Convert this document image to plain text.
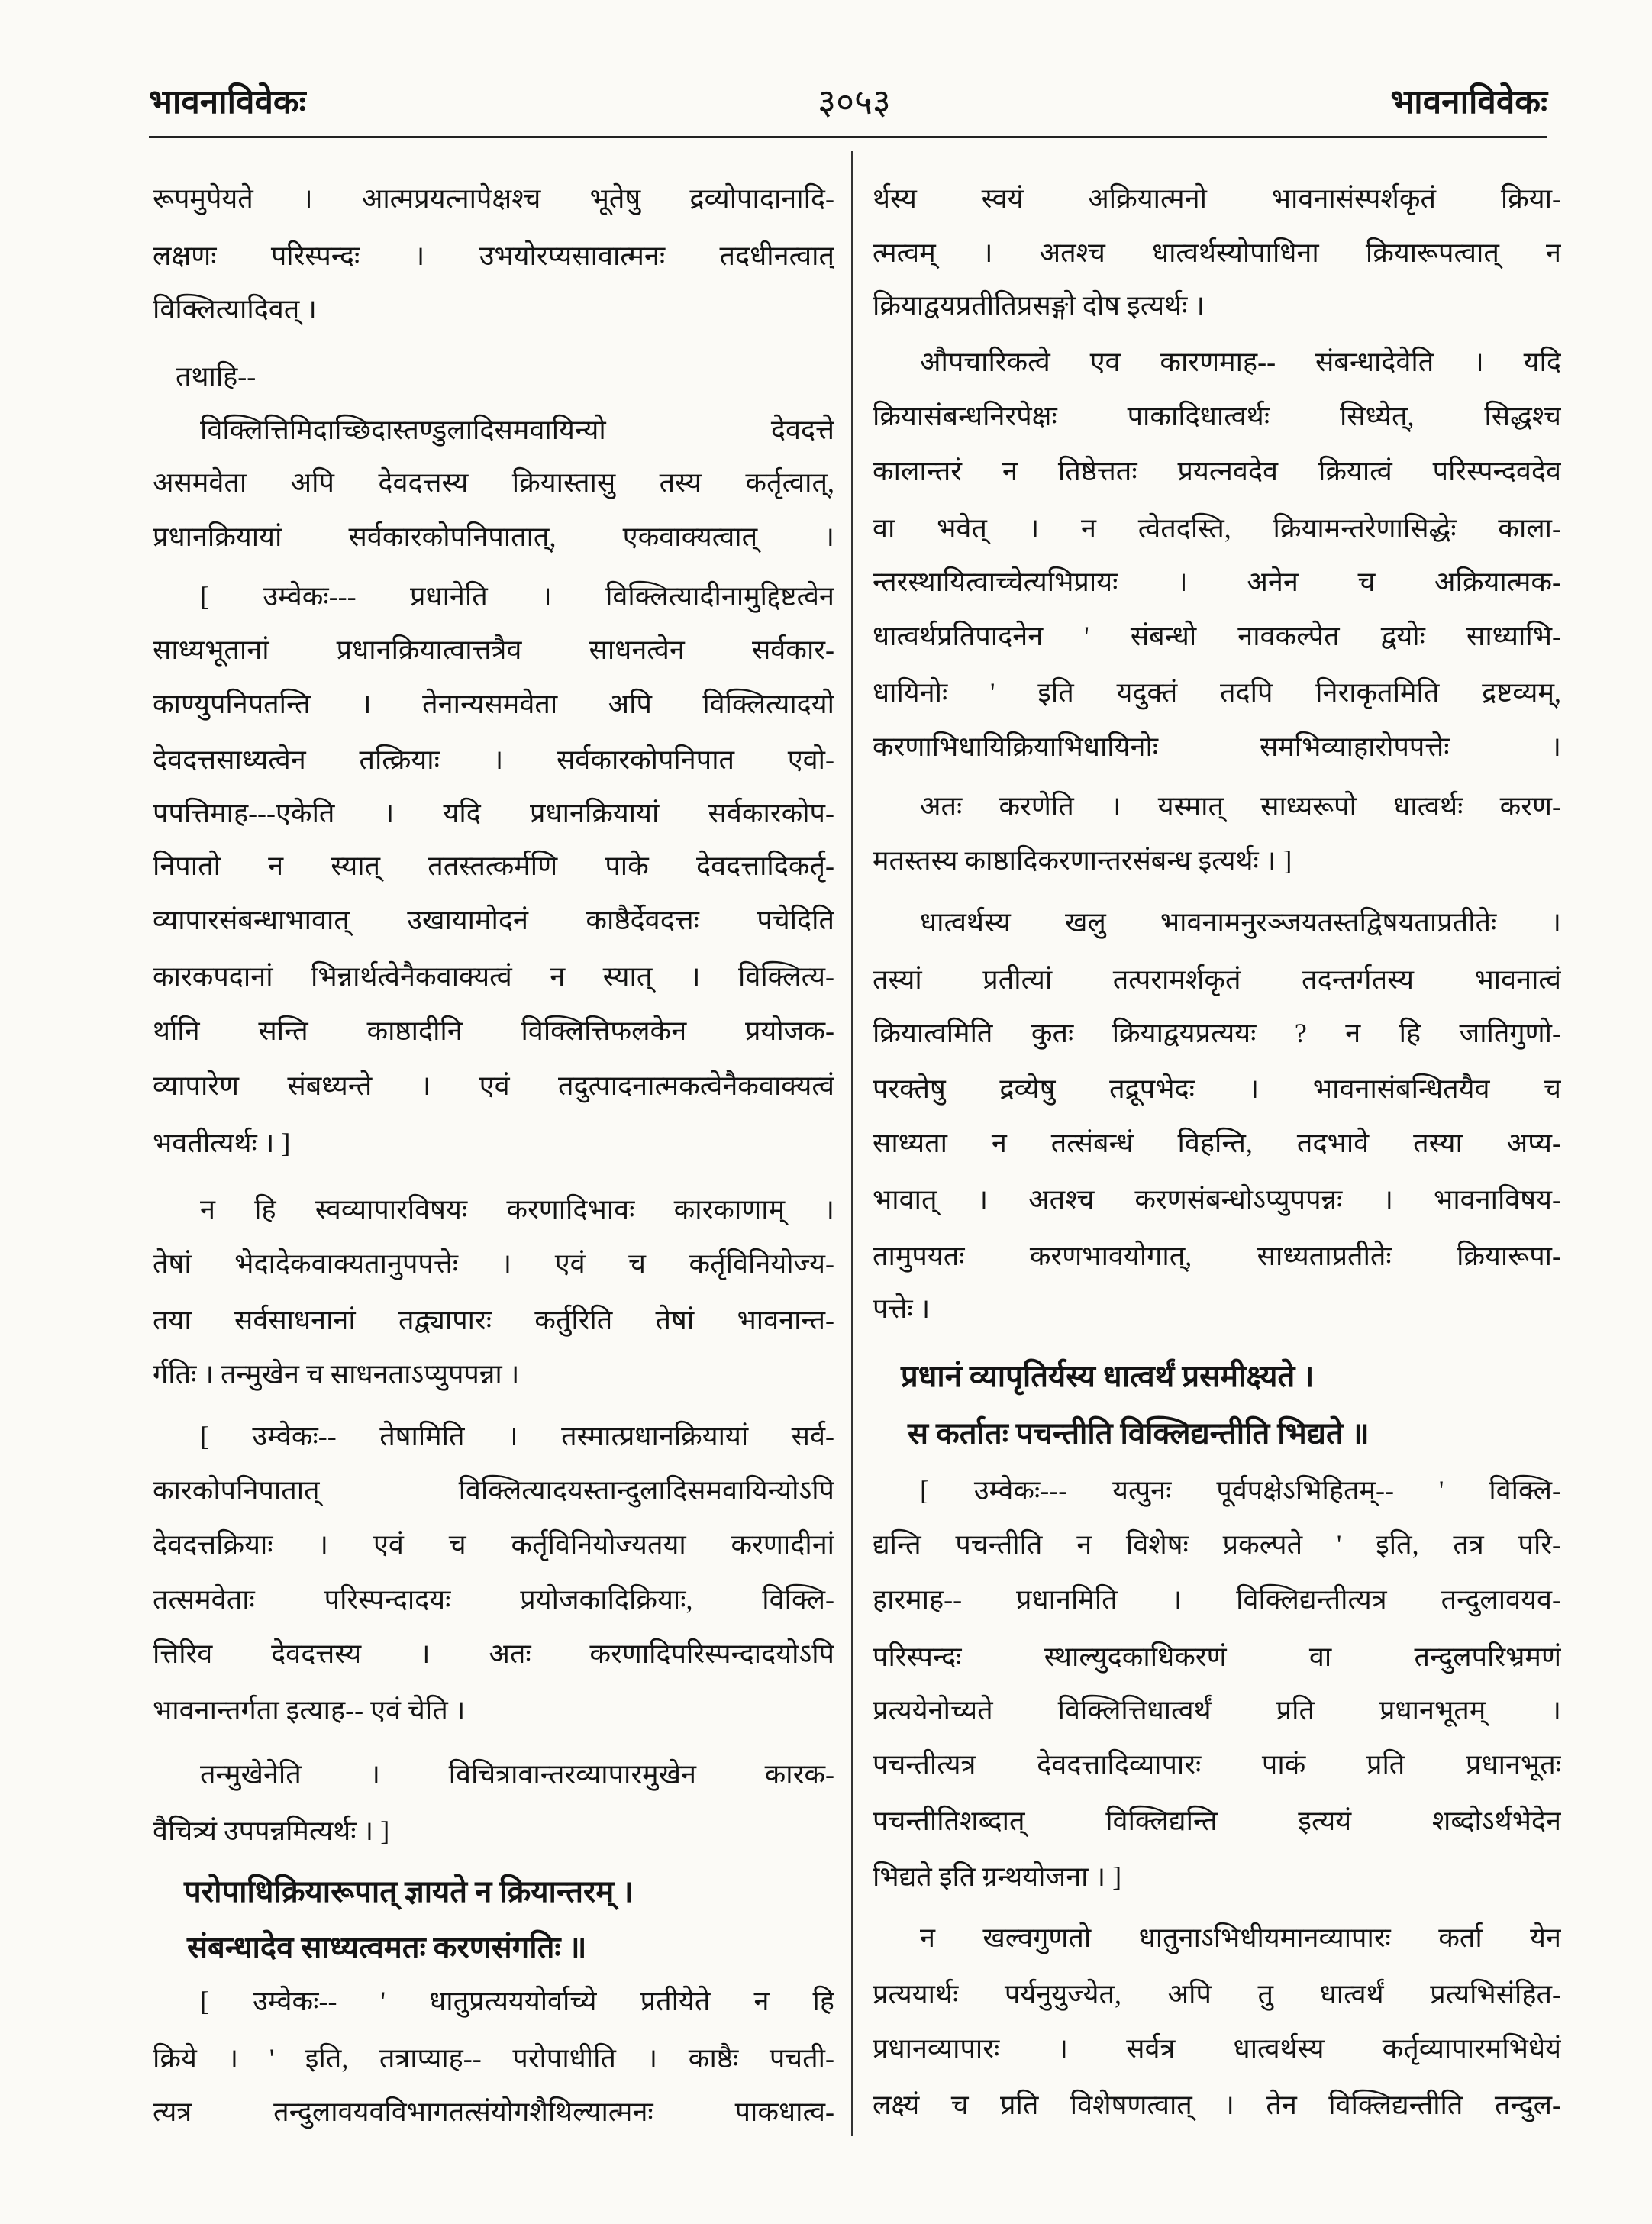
भावनाविवेकः	३०५३	भावनाविवेकः
रूपमुपेयते । आत्मप्रयत्नापेक्षश्च भूतेषु द्रव्योपादानादि-
लक्षणः परिस्पन्दः । उभयोरप्यसावात्मनः तदधीनत्वात्
विक्लित्यादिवत् ।
तथाहि--
विक्लित्तिमिदाच्छिदास्तण्डुलादिसमवायिन्यो देवदत्ते
असमवेता अपि देवदत्तस्य क्रियास्तासु तस्य कर्तृत्वात्,
प्रधानक्रियायां सर्वकारकोपनिपातात्, एकवाक्यत्वात् ।
[ उम्वेकः--- प्रधानेति । विक्लित्यादीनामुद्दिष्टत्वेन
साध्यभूतानां प्रधानक्रियात्वात्तत्रैव साधनत्वेन सर्वकार-
काण्युपनिपतन्ति । तेनान्यसमवेता अपि विक्लित्यादयो
देवदत्तसाध्यत्वेन तत्क्रियाः । सर्वकारकोपनिपात एवो-
पपत्तिमाह---एकेति । यदि प्रधानक्रियायां सर्वकारकोप-
निपातो न स्यात् ततस्तत्कर्मणि पाके देवदत्तादिकर्तृ-
व्यापारसंबन्धाभावात् उखायामोदनं काष्ठैर्देवदत्तः पचेदिति
कारकपदानां भिन्नार्थत्वेनैकवाक्यत्वं न स्यात् । विक्लित्य-
र्थानि सन्ति काष्ठादीनि विक्लित्तिफलकेन प्रयोजक-
व्यापारेण संबध्यन्ते । एवं तदुत्पादनात्मकत्वेनैकवाक्यत्वं
भवतीत्यर्थः । ]
न हि स्वव्यापारविषयः करणादिभावः कारकाणाम् ।
तेषां भेदादेकवाक्यतानुपपत्तेः । एवं च कर्तृविनियोज्य-
तया सर्वसाधनानां तद्व्यापारः कर्तुरिति तेषां भावनान्त-
र्गतिः । तन्मुखेन च साधनताऽप्युपपन्ना ।
[ उम्वेकः-- तेषामिति । तस्मात्प्रधानक्रियायां सर्व-
कारकोपनिपातात् विक्लित्यादयस्तान्दुलादिसमवायिन्योऽपि
देवदत्तक्रियाः । एवं च कर्तृविनियोज्यतया करणादीनां
तत्समवेताः परिस्पन्दादयः प्रयोजकादिक्रियाः, विक्लि-
त्तिरिव देवदत्तस्य । अतः करणादिपरिस्पन्दादयोऽपि
भावनान्तर्गता इत्याह-- एवं चेति ।
तन्मुखेनेति । विचित्रावान्तरव्यापारमुखेन कारक-
वैचित्र्यं उपपन्नमित्यर्थः । ]
परोपाधिक्रियारूपात् ज्ञायते न क्रियान्तरम् ।
संबन्धादेव साध्यत्वमतः करणसंगतिः ॥
[ उम्वेकः-- ' धातुप्रत्यययोर्वाच्ये प्रतीयेते न हि
क्रिये । ' इति, तत्राप्याह-- परोपाधीति । काष्ठैः पचती-
त्यत्र तन्दुलावयवविभागतत्संयोगशैथिल्यात्मनः पाकधात्व-
र्थस्य स्वयं अक्रियात्मनो भावनासंस्पर्शकृतं क्रिया-
त्मत्वम् । अतश्च धात्वर्थस्योपाधिना क्रियारूपत्वात् न
क्रियाद्वयप्रतीतिप्रसङ्गो दोष इत्यर्थः ।
औपचारिकत्वे एव कारणमाह-- संबन्धादेवेति । यदि
क्रियासंबन्धनिरपेक्षः पाकादिधात्वर्थः सिध्येत्, सिद्धश्च
कालान्तरं न तिष्ठेत्ततः प्रयत्नवदेव क्रियात्वं परिस्पन्दवदेव
वा भवेत् । न त्वेतदस्ति, क्रियामन्तरेणासिद्धेः काला-
न्तरस्थायित्वाच्चेत्यभिप्रायः । अनेन च अक्रियात्मक-
धात्वर्थप्रतिपादनेन ' संबन्धो नावकल्पेत द्वयोः साध्याभि-
धायिनोः ' इति यदुक्तं तदपि निराकृतमिति द्रष्टव्यम्,
करणाभिधायिक्रियाभिधायिनोः समभिव्याहारोपपत्तेः ।
अतः करणेति । यस्मात् साध्यरूपो धात्वर्थः करण-
मतस्तस्य काष्ठादिकरणान्तरसंबन्ध इत्यर्थः । ]
धात्वर्थस्य खलु भावनामनुरञ्जयतस्तद्विषयताप्रतीतेः ।
तस्यां प्रतीत्यां तत्परामर्शकृतं तदन्तर्गतस्य भावनात्वं
क्रियात्वमिति कुतः क्रियाद्वयप्रत्ययः ? न हि जातिगुणो-
परक्तेषु द्रव्येषु तद्रूपभेदः । भावनासंबन्धितयैव च
साध्यता न तत्संबन्धं विहन्ति, तदभावे तस्या अप्य-
भावात् । अतश्च करणसंबन्धोऽप्युपपन्नः । भावनाविषय-
तामुपयतः करणभावयोगात्, साध्यताप्रतीतेः क्रियारूपा-
पत्तेः ।
प्रधानं व्यापृतिर्यस्य धात्वर्थं प्रसमीक्ष्यते ।
स कर्तातः पचन्तीति विक्लिद्यन्तीति भिद्यते ॥
[ उम्वेकः--- यत्पुनः पूर्वपक्षेऽभिहितम्-- ' विक्लि-
द्यन्ति पचन्तीति न विशेषः प्रकल्पते ' इति, तत्र परि-
हारमाह-- प्रधानमिति । विक्लिद्यन्तीत्यत्र तन्दुलावयव-
परिस्पन्दः स्थाल्युदकाधिकरणं वा तन्दुलपरिभ्रमणं
प्रत्ययेनोच्यते विक्लित्तिधात्वर्थं प्रति प्रधानभूतम् ।
पचन्तीत्यत्र देवदत्तादिव्यापारः पाकं प्रति प्रधानभूतः
पचन्तीतिशब्दात् विक्लिद्यन्ति इत्ययं शब्दोऽर्थभेदेन
भिद्यते इति ग्रन्थयोजना । ]
न खल्वगुणतो धातुनाऽभिधीयमानव्यापारः कर्ता येन
प्रत्ययार्थः पर्यनुयुज्येत, अपि तु धात्वर्थं प्रत्यभिसंहित-
प्रधानव्यापारः । सर्वत्र धात्वर्थस्य कर्तृव्यापारमभिधेयं
लक्ष्यं च प्रति विशेषणत्वात् । तेन विक्लिद्यन्तीति तन्दुल-
